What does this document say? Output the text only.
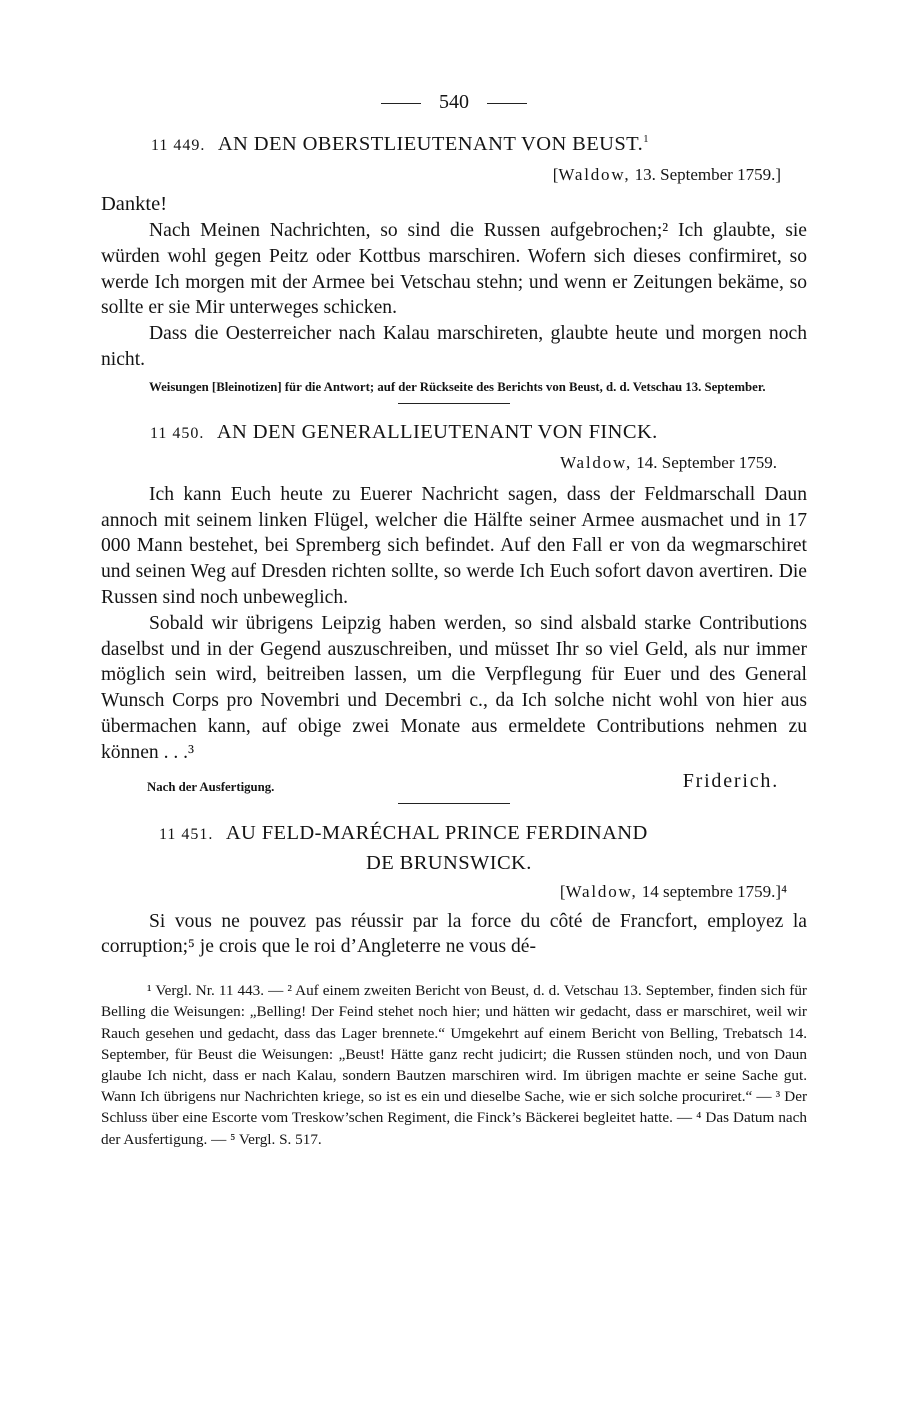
540
11 449. AN DEN OBERSTLIEUTENANT VON BEUST.$^1$
[Waldow, 13. September 1759.]
Dankte!

Nach Meinen Nachrichten, so sind die Russen aufgebrochen;² Ich glaubte, sie würden wohl gegen Peitz oder Kottbus marschiren. Wofern sich dieses confirmiret, so werde Ich morgen mit der Armee bei Vetschau stehn; und wenn er Zeitungen bekäme, so sollte er sie Mir unterweges schicken.

Dass die Oesterreicher nach Kalau marschireten, glaubte heute und morgen noch nicht.

Weisungen [Bleinotizen] für die Antwort; auf der Rückseite des Berichts von Beust, d. d. Vetschau 13. September.
11 450. AN DEN GENERALLIEUTENANT VON FINCK.
Waldow, 14. September 1759.

Ich kann Euch heute zu Euerer Nachricht sagen, dass der Feldmarschall Daun annoch mit seinem linken Flügel, welcher die Hälfte seiner Armee ausmachet und in 17 000 Mann bestehet, bei Spremberg sich befindet. Auf den Fall er von da wegmarschiret und seinen Weg auf Dresden richten sollte, so werde Ich Euch sofort davon avertiren. Die Russen sind noch unbeweglich.

Sobald wir übrigens Leipzig haben werden, so sind alsbald starke Contributions daselbst und in der Gegend auszuschreiben, und müsset Ihr so viel Geld, als nur immer möglich sein wird, beitreiben lassen, um die Verpflegung für Euer und des General Wunsch Corps pro Novembri und Decembri c., da Ich solche nicht wohl von hier aus übermachen kann, auf obige zwei Monate aus ermeldete Contributions nehmen zu können . . .³

Nach der Ausfertigung.	Friderich.
11 451. AU FELD-MARÉCHAL PRINCE FERDINAND
DE BRUNSWICK.
[Waldow, 14 septembre 1759.]⁴

Si vous ne pouvez pas réussir par la force du côté de Francfort, employez la corruption;⁵ je crois que le roi d’Angleterre ne vous dé-

¹ Vergl. Nr. 11 443. — ² Auf einem zweiten Bericht von Beust, d. d. Vetschau 13. September, finden sich für Belling die Weisungen: „Belling! Der Feind stehet noch hier; und hätten wir gedacht, dass er marschiret, weil wir Rauch gesehen und gedacht, dass das Lager brennete.“ Umgekehrt auf einem Bericht von Belling, Trebatsch 14. September, für Beust die Weisungen: „Beust! Hätte ganz recht judicirt; die Russen stünden noch, und von Daun glaube Ich nicht, dass er nach Kalau, sondern Bautzen marschiren wird. Im übrigen machte er seine Sache gut. Wann Ich übrigens nur Nachrichten kriege, so ist es ein und dieselbe Sache, wie er sich solche procuriret.“ — ³ Der Schluss über eine Escorte vom Treskow’schen Regiment, die Finck’s Bäckerei begleitet hatte. — ⁴ Das Datum nach der Ausfertigung. — ⁵ Vergl. S. 517.
